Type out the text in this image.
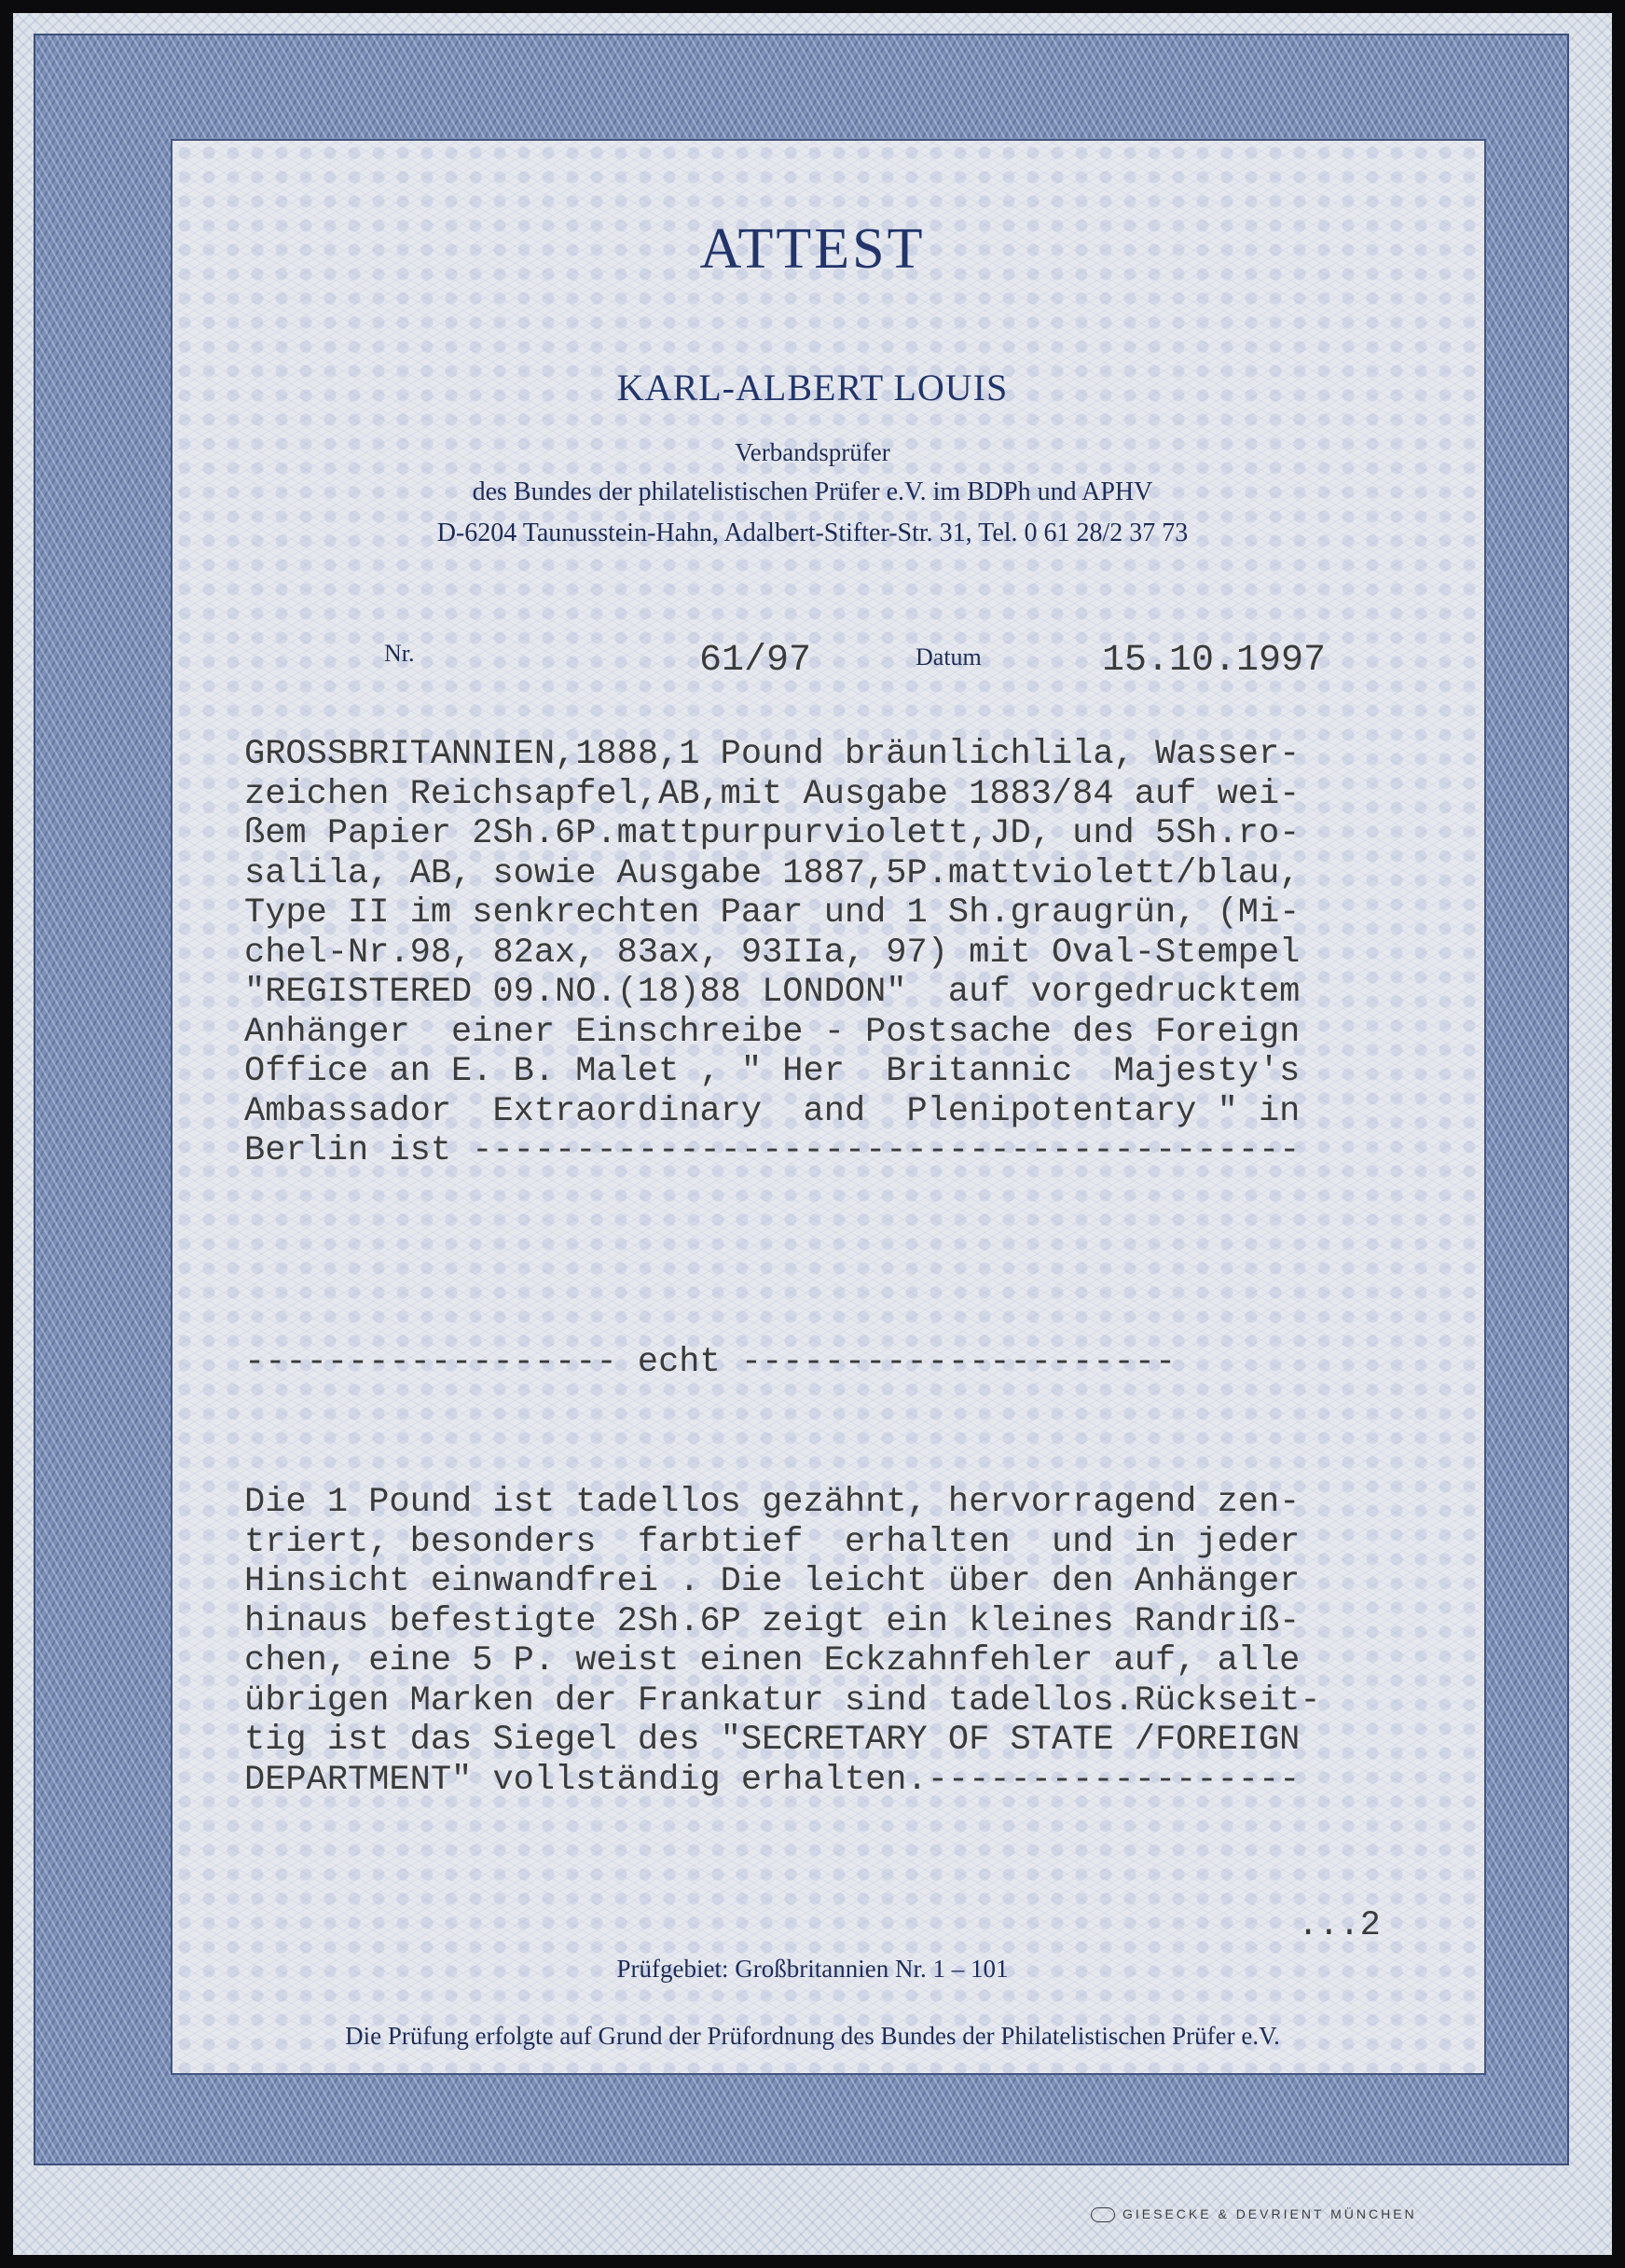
ATTEST
KARL-ALBERT LOUIS
Verbandsprüfer
des Bundes der philatelistischen Prüfer e.V. im BDPh und APHV
D-6204 Taunusstein-Hahn, Adalbert-Stifter-Str. 31, Tel. 0 61 28/2 37 73
Nr.	61/97	Datum	15.10.1997
GROSSBRITANNIEN,1888,1 Pound bräunlichlila, Wasser-
zeichen Reichsapfel,AB,mit Ausgabe 1883/84 auf wei-
ßem Papier 2Sh.6P.mattpurpurviolett,JD, und 5Sh.ro-
salila, AB, sowie Ausgabe 1887,5P.mattviolett/blau,
Type II im senkrechten Paar und 1 Sh.graugrün, (Mi-
chel-Nr.98, 82ax, 83ax, 93IIa, 97) mit Oval-Stempel
"REGISTERED 09.NO.(18)88 LONDON"  auf vorgedrucktem
Anhänger  einer Einschreibe - Postsache des Foreign
Office an E. B. Malet , " Her  Britannic  Majesty's
Ambassador  Extraordinary  and  Plenipotentary " in
Berlin ist ----------------------------------------
------------------ echt ---------------------
Die 1 Pound ist tadellos gezähnt, hervorragend zen-
triert, besonders  farbtief  erhalten  und in jeder
Hinsicht einwandfrei . Die leicht über den Anhänger
hinaus befestigte 2Sh.6P zeigt ein kleines Randriß-
chen, eine 5 P. weist einen Eckzahnfehler auf, alle
übrigen Marken der Frankatur sind tadellos.Rückseit-
tig ist das Siegel des "SECRETARY OF STATE /FOREIGN
DEPARTMENT" vollständig erhalten.------------------
...2
Prüfgebiet: Großbritannien Nr. 1 – 101
Die Prüfung erfolgte auf Grund der Prüfordnung des Bundes der Philatelistischen Prüfer e.V.
GIESECKE & DEVRIENT MÜNCHEN
